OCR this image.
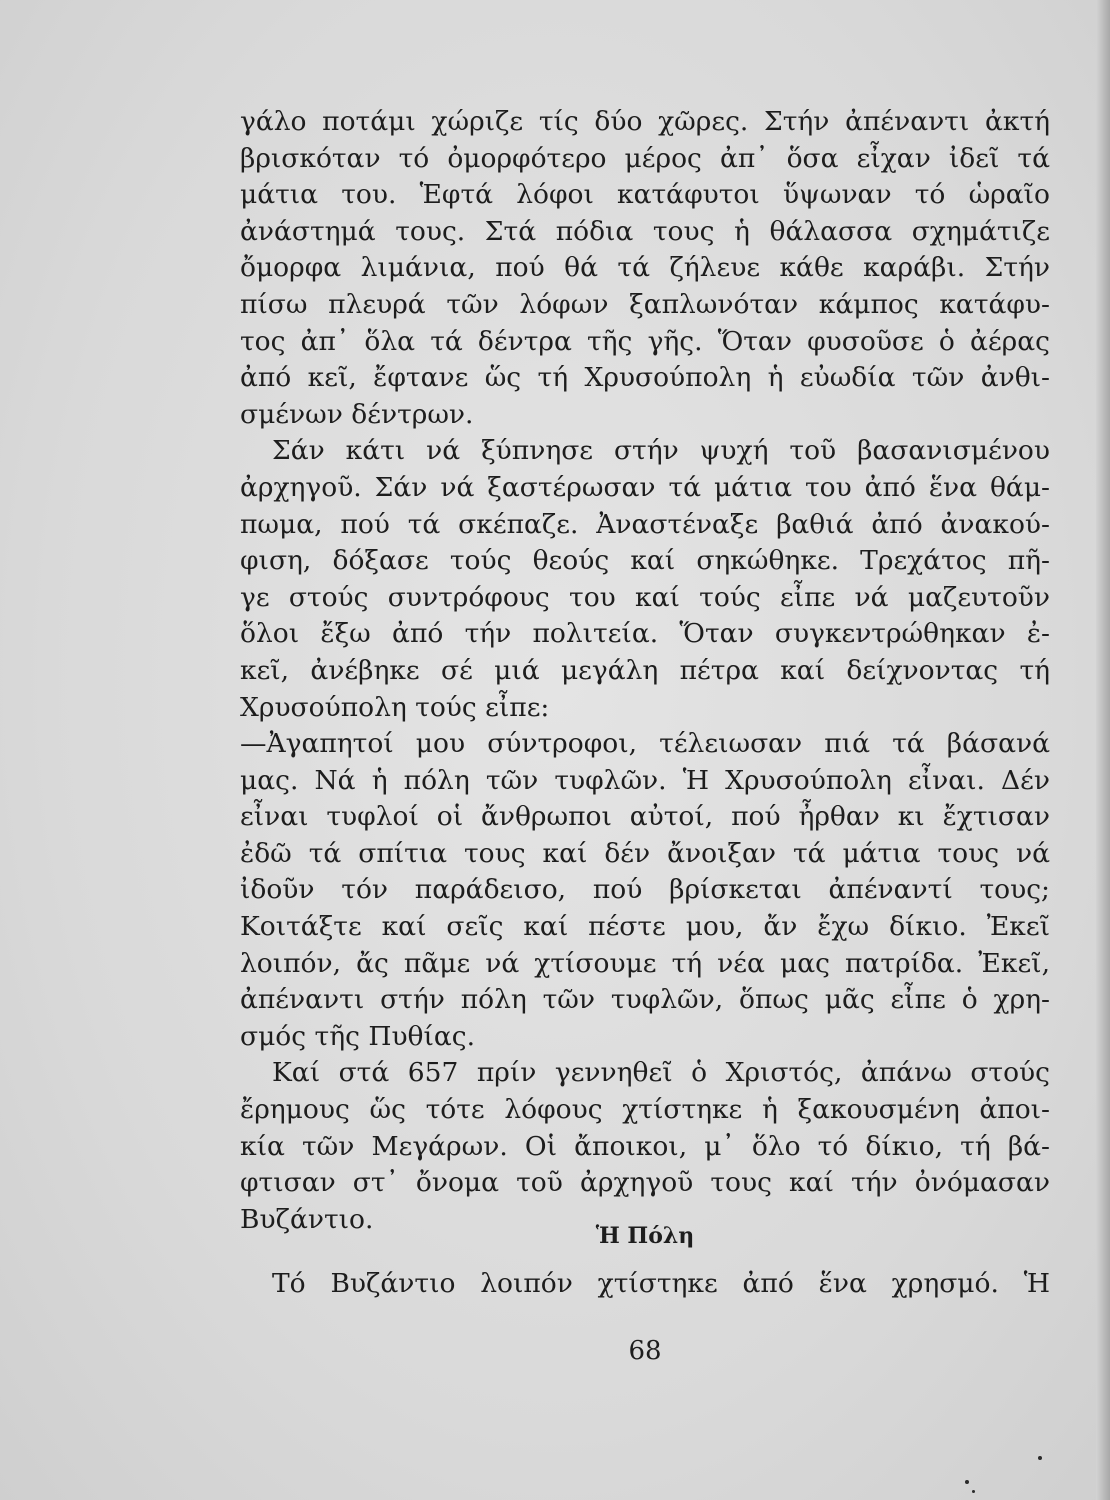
γάλο ποτάμι χώριζε τίς δύο χῶρες. Στήν ἀπέναντι ἀκτή
βρισκόταν τό ὀμορφότερο μέρος ἀπ᾽ ὅσα εἶχαν ἰδεῖ τά
μάτια του. Ἑφτά λόφοι κατάφυτοι ὕψωναν τό ὡραῖο
ἀνάστημά τους. Στά πόδια τους ἡ θάλασσα σχημάτιζε
ὄμορφα λιμάνια, πού θά τά ζήλευε κάθε καράβι. Στήν
πίσω πλευρά τῶν λόφων ξαπλωνόταν κάμπος κατάφυ-
τος ἀπ᾽ ὅλα τά δέντρα τῆς γῆς. Ὅταν φυσοῦσε ὁ ἀέρας
ἀπό κεῖ, ἔφτανε ὥς τή Χρυσούπολη ἡ εὐωδία τῶν ἀνθι-
σμένων δέντρων.
Σάν κάτι νά ξύπνησε στήν ψυχή τοῦ βασανισμένου
ἀρχηγοῦ. Σάν νά ξαστέρωσαν τά μάτια του ἀπό ἕνα θάμ-
πωμα, πού τά σκέπαζε. Ἀναστέναξε βαθιά ἀπό ἀνακού-
φιση, δόξασε τούς θεούς καί σηκώθηκε. Τρεχάτος πῆ-
γε στούς συντρόφους του καί τούς εἶπε νά μαζευτοῦν
ὅλοι ἔξω ἀπό τήν πολιτεία. Ὅταν συγκεντρώθηκαν ἐ-
κεῖ, ἀνέβηκε σέ μιά μεγάλη πέτρα καί δείχνοντας τή
Χρυσούπολη τούς εἶπε:
—Ἀγαπητοί μου σύντροφοι, τέλειωσαν πιά τά βάσανά
μας. Νά ἡ πόλη τῶν τυφλῶν. Ἡ Χρυσούπολη εἶναι. Δέν
εἶναι τυφλοί οἱ ἄνθρωποι αὐτοί, πού ἦρθαν κι ἔχτισαν
ἐδῶ τά σπίτια τους καί δέν ἄνοιξαν τά μάτια τους νά
ἰδοῦν τόν παράδεισο, πού βρίσκεται ἀπέναντί τους;
Κοιτάξτε καί σεῖς καί πέστε μου, ἄν ἔχω δίκιο. Ἐκεῖ
λοιπόν, ἄς πᾶμε νά χτίσουμε τή νέα μας πατρίδα. Ἐκεῖ,
ἀπέναντι στήν πόλη τῶν τυφλῶν, ὅπως μᾶς εἶπε ὁ χρη-
σμός τῆς Πυθίας.
Καί στά 657 πρίν γεννηθεῖ ὁ Χριστός, ἀπάνω στούς
ἔρημους ὥς τότε λόφους χτίστηκε ἡ ξακουσμένη ἀποι-
κία τῶν Μεγάρων. Οἱ ἄποικοι, μ᾽ ὅλο τό δίκιο, τή βά-
φτισαν στ᾽ ὄνομα τοῦ ἀρχηγοῦ τους καί τήν ὀνόμασαν
Βυζάντιο.
Ἡ Πόλη
Τό Βυζάντιο λοιπόν χτίστηκε ἀπό ἕνα χρησμό. Ἡ
68
